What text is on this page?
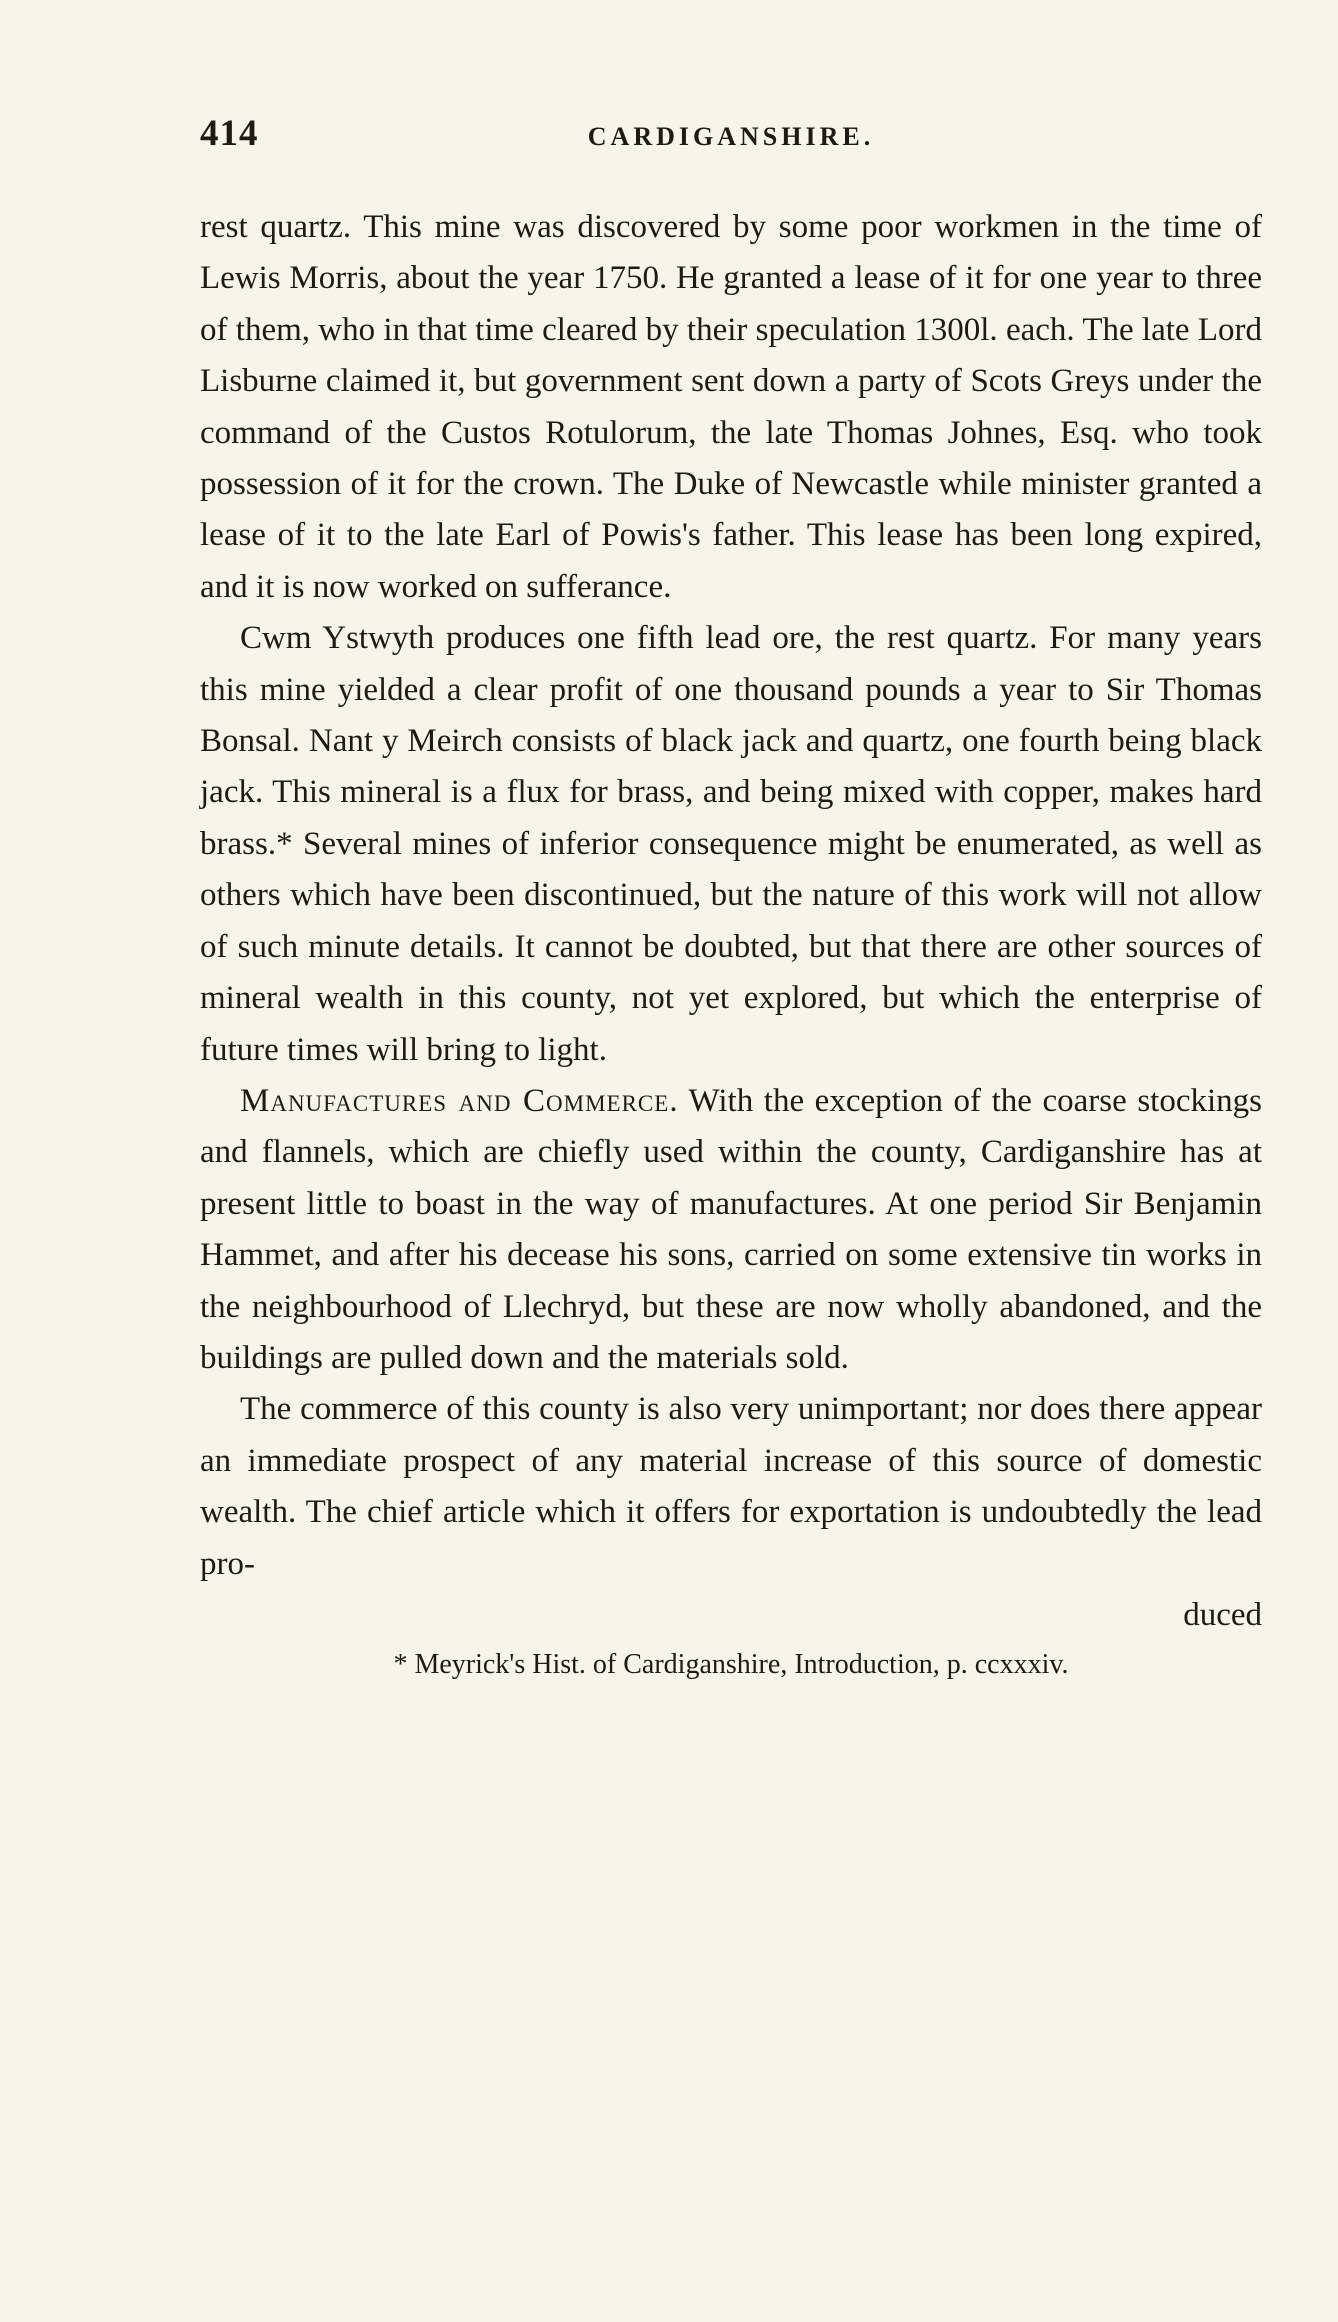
414	CARDIGANSHIRE.

rest quartz. This mine was discovered by some poor workmen in the time of Lewis Morris, about the year 1750. He granted a lease of it for one year to three of them, who in that time cleared by their speculation 1300l. each. The late Lord Lisburne claimed it, but government sent down a party of Scots Greys under the command of the Custos Rotulorum, the late Thomas Johnes, Esq. who took possession of it for the crown. The Duke of Newcastle while minister granted a lease of it to the late Earl of Powis's father. This lease has been long expired, and it is now worked on sufferance.

Cwm Ystwyth produces one fifth lead ore, the rest quartz. For many years this mine yielded a clear profit of one thousand pounds a year to Sir Thomas Bonsal. Nant y Meirch consists of black jack and quartz, one fourth being black jack. This mineral is a flux for brass, and being mixed with copper, makes hard brass.* Several mines of inferior consequence might be enumerated, as well as others which have been discontinued, but the nature of this work will not allow of such minute details. It cannot be doubted, but that there are other sources of mineral wealth in this county, not yet explored, but which the enterprise of future times will bring to light.

Manufactures and Commerce. With the exception of the coarse stockings and flannels, which are chiefly used within the county, Cardiganshire has at present little to boast in the way of manufactures. At one period Sir Benjamin Hammet, and after his decease his sons, carried on some extensive tin works in the neighbourhood of Llechryd, but these are now wholly abandoned, and the buildings are pulled down and the materials sold.

The commerce of this county is also very unimportant; nor does there appear an immediate prospect of any material increase of this source of domestic wealth. The chief article which it offers for exportation is undoubtedly the lead pro-

duced
* Meyrick's Hist. of Cardiganshire, Introduction, p. ccxxxiv.
